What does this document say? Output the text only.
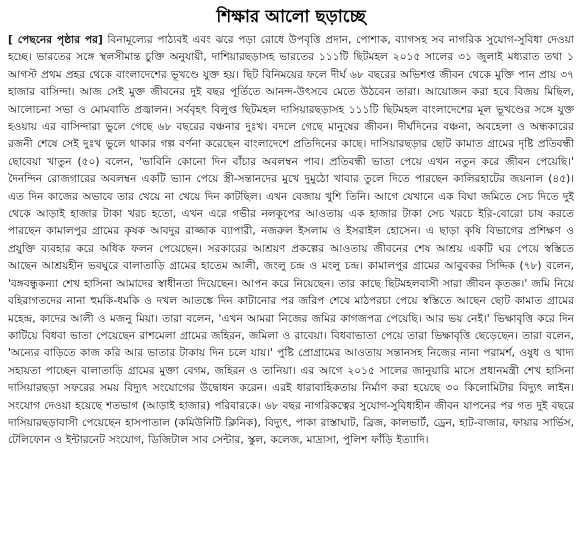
শিক্ষার আলো ছড়াচ্ছে
[ পেছনের পৃষ্ঠার পর] বিনামূল্যের পাঠ্যবই এবং ঝরে পড়া রোধে উপবৃত্তি প্রদান, পোশাক, ব্যাগসহ সব নাগরিক সুযোগ-সুবিধা দেওয়া হচ্ছে। ভারতের সঙ্গে স্থলসীমান্ত চুক্তি অনুযায়ী, দাশিয়ারছড়াসহ ভারতের ১১১টি ছিটমহল ২০১৫ সালের ৩১ জুলাই মধ্যরাত তথা ১ আগস্ট প্রথম প্রহর থেকে বাংলাদেশের ভূখণ্ডে যুক্ত হয়। ছিট বিনিময়ের ফলে দীর্ঘ ৬৮ বছরের অভিশপ্ত জীবন থেকে মুক্তি পান প্রায় ৩৭ হাজার বাসিন্দা। আজ সেই মুক্ত জীবনের দুই বছর পূর্তিতে আনন্দ-উৎসবে মেতে উঠবেন তারা। আয়োজন করা হবে বিজয় মিছিল, আলোচনা সভা ও মোমবাতি প্রজ্বালন। সর্ববৃহৎ বিলুপ্ত ছিটমহল দাসিয়ারছড়াসহ ১১১টি ছিটমহল বাংলাদেশের মূল ভূখণ্ডের সঙ্গে যুক্ত হওয়ায় এর বাসিন্দারা ভুলে গেছে ৬৮ বছরের বঞ্চনার দুঃখ। বদলে গেছে মানুষের জীবন। দীর্ঘদিনের বঞ্চনা, অবহেলা ও অন্ধকারের রজনী শেষে সেই দুঃখ ভুলে থাকার গল্প বর্ণনা করেছেন বাংলাদেশে প্রতিদিনের কাছে। দাসিয়ারছড়ার ছোট কামাত গ্রামের দৃষ্টি প্রতিবন্ধী ছোবেয়া খাতুন (৫০) বলেন, 'ভাবিনি কোনো দিন বাঁচার অবলম্বন পাব। প্রতিবন্ধী ভাতা পেয়ে এখন নতুন করে জীবন পেয়েছি।' দৈনন্দিন রোজগারের অবলম্বন একটি ভ্যান পেয়ে স্ত্রী-সন্তানদের মুখে দুমুঠো খাবার তুলে দিতে পারছেন কালিরহাটের জয়নাল (৪৫)। এত দিন কাজের অভাবে তার খেয়ে না খেয়ে দিন কাটছিল। এখন বেজায় খুশি তিনি। আগে যেখানে এক বিঘা জমিতে সেচ দিতে দুই থেকে আড়াই হাজার টাকা খরচ হতো, এখন এরে গভীর নলকূপের আওতায় এক হাজার টাকা সেচ খরচে ইরি-বোরো চাষ করতে পারছেন কামালপুর গ্রামের কৃষক আবদুর রাজ্জাক ব্যাপারী, নজরুল ইসলাম ও ইসরাইল হোসেন। এ ছাড়া কৃষি বিভাগের প্রশিক্ষণ ও প্রযুক্তি ব্যবহার করে অধিক ফলন পেয়েছেন। সরকারের আশ্রয়ণ প্রকল্পের আওতায় জীবনের শেষ আশ্রয় একটি ঘর পেয়ে স্বস্তিতে আছেন আশ্রয়হীন ভবঘুরে বালাতাড়ি গ্রামের হাতেম আলী, জংলু চন্দ্র ও মংলু চন্দ্র। কামালপুর গ্রামের আবুবকর সিদ্দিক (৭৮) বলেন, 'বঙ্গবন্ধুকন্যা শেখ হাসিনা আমাদের স্বাধীনতা দিয়েছেন। আপন করে নিয়েছেন। তার কাছে ছিটমহলবাসী সারা জীবন কৃতজ্ঞ।' জমি নিয়ে বহিরাগতদের নানা হুমকি-ধমকি ও দখল আতঙ্কে দিন কাটানোর পর জরিপ শেষে মাঠপরচা পেয়ে স্বস্তিতে আছেন ছোট কামাত গ্রামের মহেন্দ্র, কাদের আলী ও মজনু মিয়া। তারা বলেন, 'এখন আমরা নিজের জমির কাগজপত্র পেয়েছি। আর ভয় নেই।' ভিক্ষাবৃত্তি করে দিন কাটিয়ে বিধবা ভাতা পেয়েছেন রাশমেলা গ্রামের জহিরন, জমিলা ও রাবেয়া। বিধবাভাতা পেয়ে তারা ভিক্ষাবৃত্তি ছেড়েছেন। তারা বলেন, 'অন্যের বাড়িতে কাজ করি আর ভাতার টাকায় দিন চলে যায়।' পুষ্টি প্রোগ্রামের আওতায় সন্তানসহ নিজের নানা পরামর্শ, ওষুধ ও খাদ্য সহায়তা পাচ্ছেন বালাতাড়ি গ্রামের মুক্তা বেগম, জহিরন ও তানিয়া। এর আগে ২০১৫ সালের জানুয়ারি মাসে প্রধানমন্ত্রী শেখ হাসিনা দাসিয়ারছড়া সফরের সময় বিদ্যুৎ সংযোগের উদ্বোধন করেন। এরই ধারাবাহিকতায় নির্মাণ করা হয়েছে ৩০ কিলোমিটার বিদ্যুৎ লাইন। সংযোগ দেওয়া হয়েছে শতভাগ (আড়াই হাজার) পরিবারকে। ৬৮ বছর নাগরিকত্বের সুযোগ-সুবিধাহীন জীবন যাপনের পর গত দুই বছরে দাসিয়ারছড়াবাসী পেয়েছেন হাসপাতাল (কমিউনিটি ক্লিনিক), বিদ্যুৎ, পাকা রাস্তাঘাট, ব্রিজ, কালভার্ট, ড্রেন, হাট-বাজার, ফায়ার সার্ভিস, টেলিফোন ও ইন্টারনেট সংযোগ, ডিজিটাল সাব সেন্টার, স্কুল, কলেজ, মাদ্রাসা, পুলিশ ফাঁড়ি ইত্যাদি।
